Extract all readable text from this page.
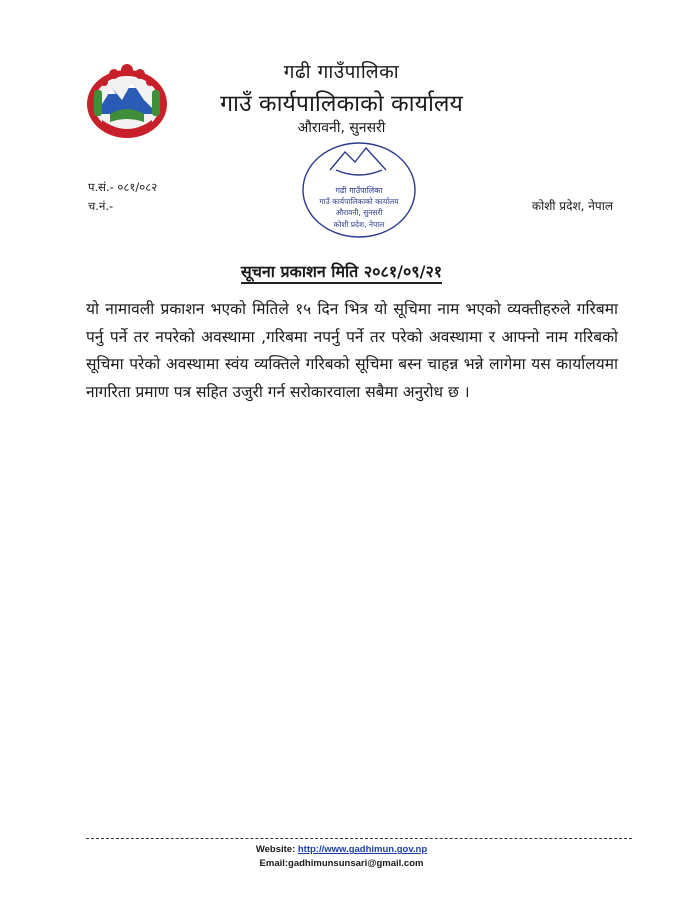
गढी गाउँपालिका
गाउँ कार्यपालिकाको कार्यालय
औरावनी, सुनसरी
प.सं.- ०८१/०८२
च.नं.-
गढी गाउँपालिका
गाउँ कार्यपालिकाको कार्यालय
औरावनी, सुनसरी
कोशी प्रदेश, नेपाल
कोशी प्रदेश, नेपाल
सूचना प्रकाशन मिति २०८१/०९/२१
यो नामावली प्रकाशन भएको मितिले १५ दिन भित्र यो सूचिमा नाम भएको व्यक्तीहरुले गरिबमा पर्नु पर्ने तर नपरेको अवस्थामा ,गरिबमा नपर्नु पर्ने तर परेको अवस्थामा र आफ्नो नाम गरिबको सूचिमा परेको अवस्थामा स्वंय व्यक्तिले गरिबको सूचिमा बस्न चाहन्न भन्ने लागेमा यस कार्यालयमा नागरिता प्रमाण पत्र सहित उजुरी गर्न सरोकारवाला सबैमा अनुरोध छ ।
Website: http://www.gadhimun.gov.np
Email:gadhimunsunsari@gmail.com
